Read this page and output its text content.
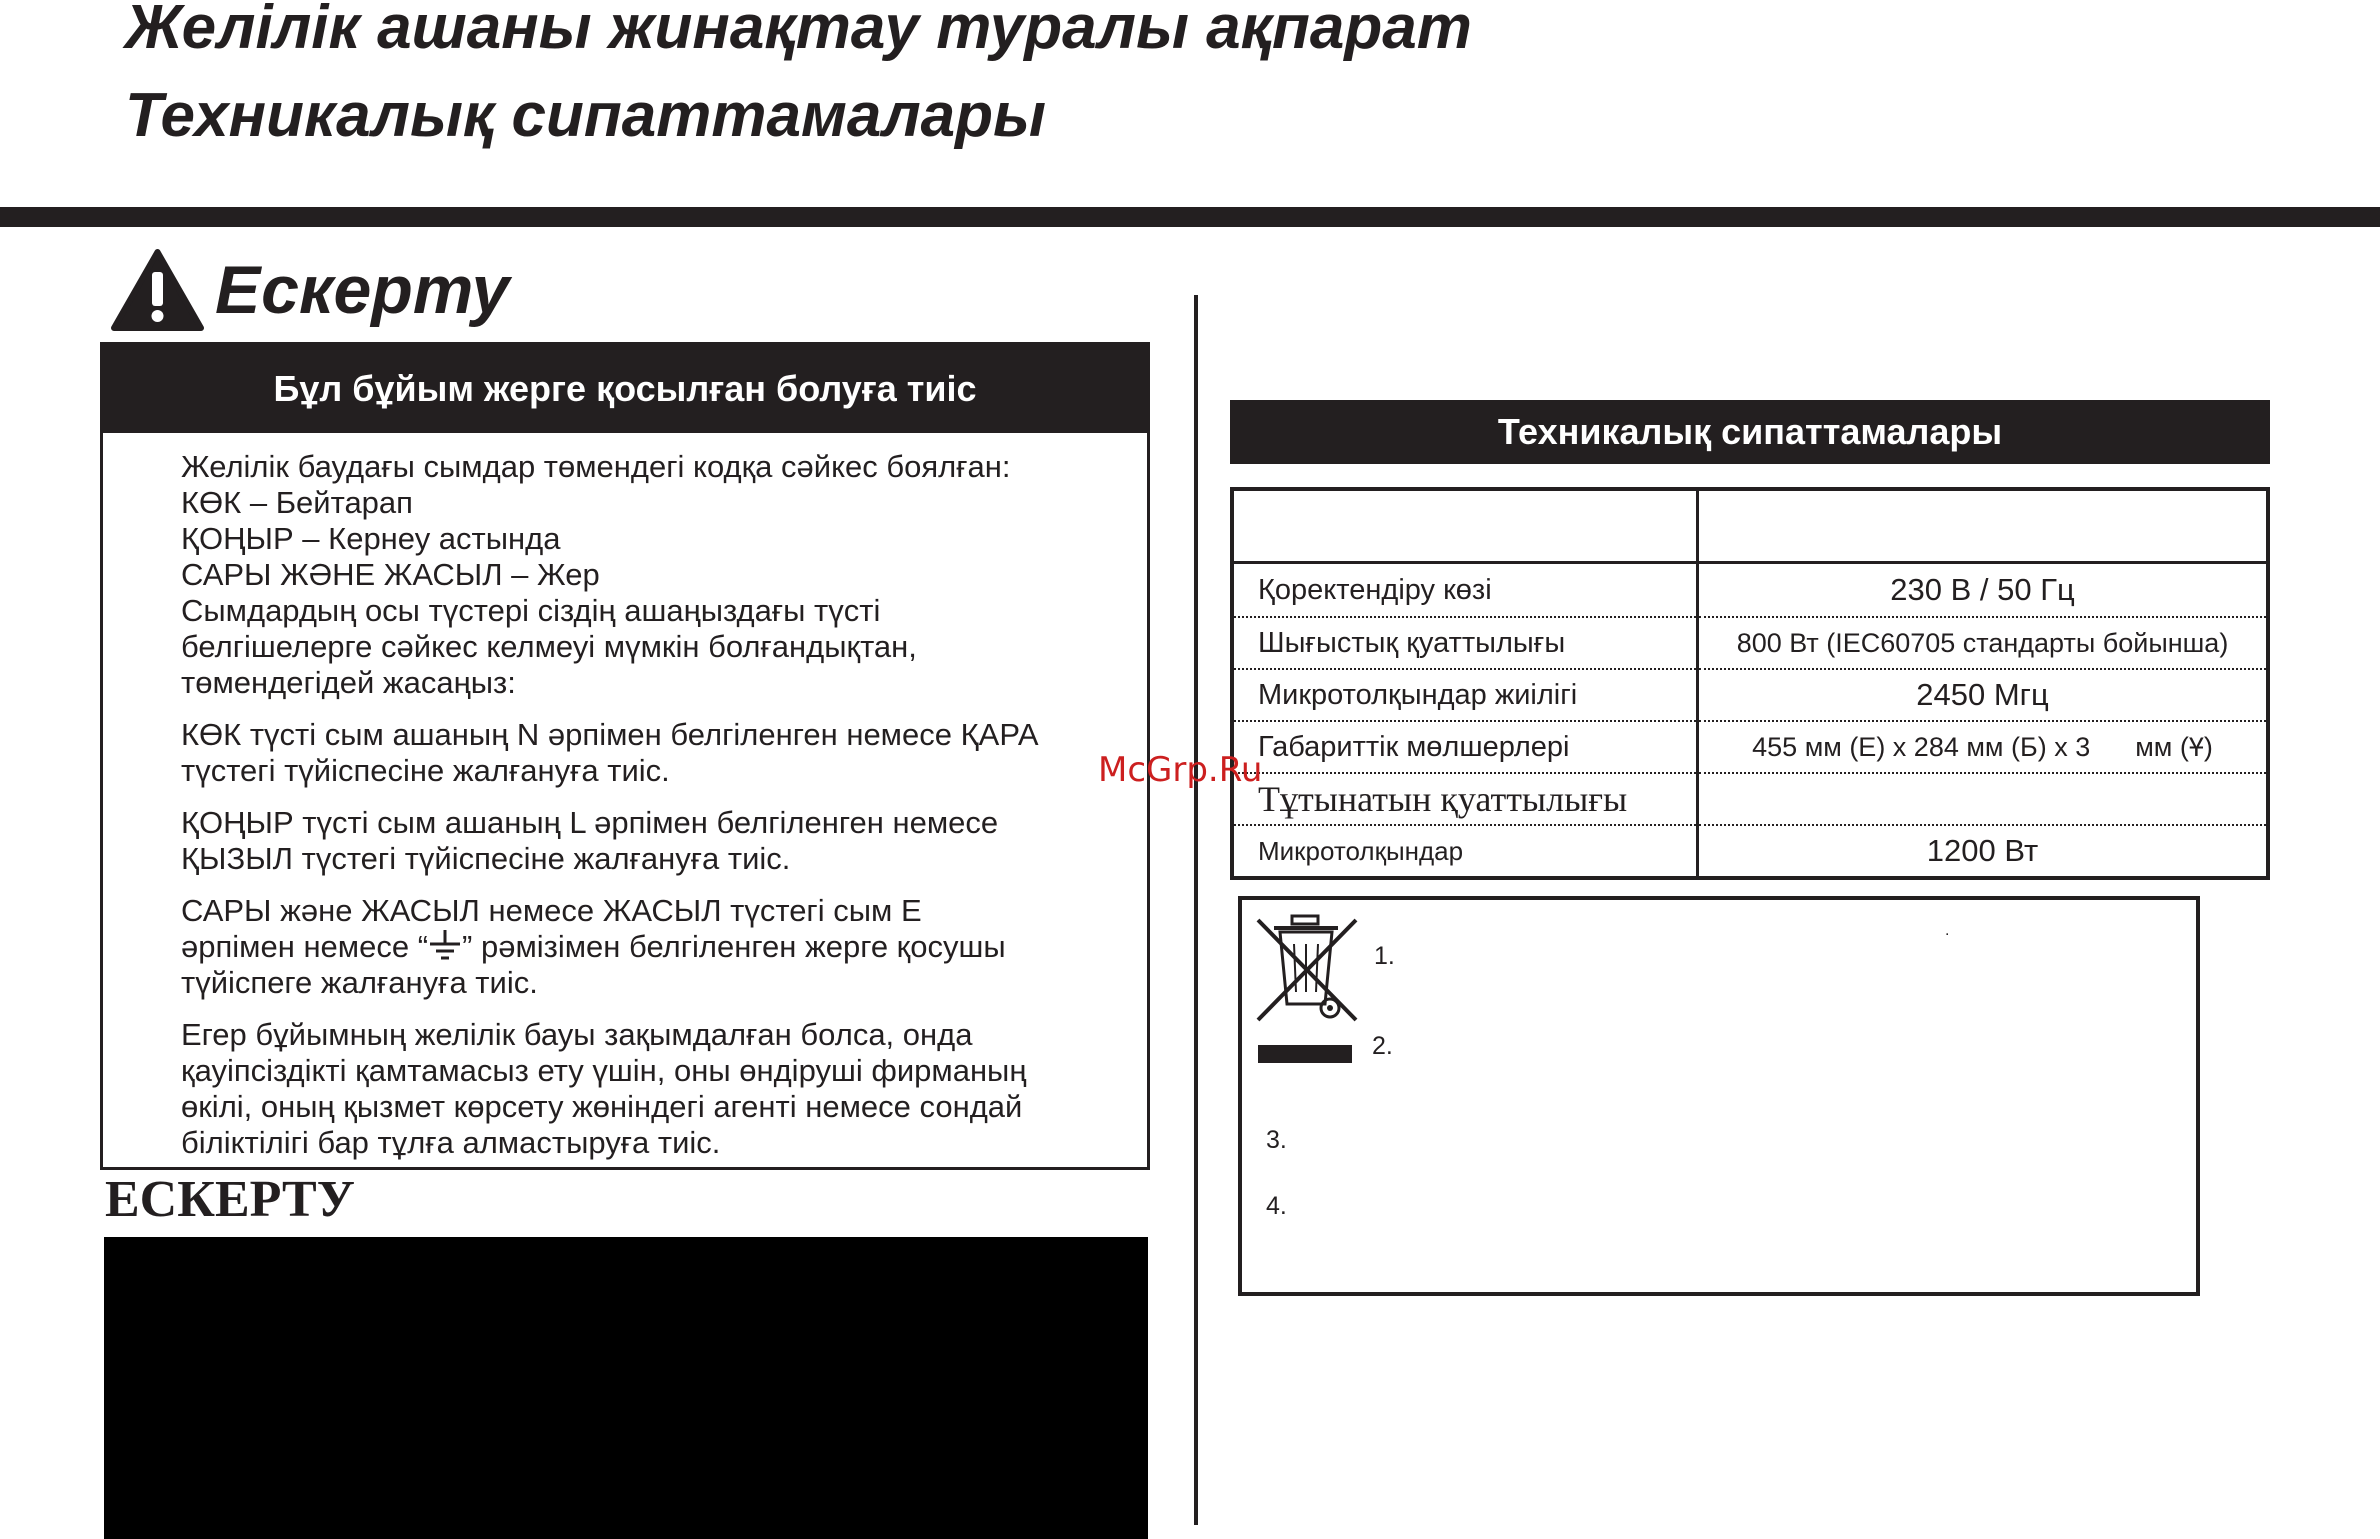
Желілік ашаны жинақтау туралы ақпарат
Техникалық сипаттамалары
Ескерту
Бұл бұйым жерге қосылған болуға тиіс
Желілік баудағы сымдар төмендегі кодқа сәйкес боялған:
КӨК – Бейтарап
ҚОҢЫР – Кернеу астында
САРЫ ЖӘНЕ ЖАСЫЛ – Жер
Сымдардың осы түстері сіздің ашаңыздағы түсті
белгішелерге сәйкес келмеуі мүмкін болғандықтан,
төмендегідей жасаңыз:
КӨК түсті сым ашаның N әрпімен белгіленген немесе ҚАРА
түстегі түйіспесіне жалғануға тиіс.
ҚОҢЫР түсті сым ашаның L әрпімен белгіленген немесе
ҚЫЗЫЛ түстегі түйіспесіне жалғануға тиіс.
САРЫ және ЖАСЫЛ немесе ЖАСЫЛ түстегі сым E
әрпімен немесе “ ” рәмізімен белгіленген жерге қосушы
түйіспеге жалғануға тиіс.
Егер бұйымның желілік бауы зақымдалған болса, онда
қауіпсіздікті қамтамасыз ету үшін, оны өндіруші фирманың
өкілі, оның қызмет көрсету жөніндегі агенті немесе сондай
біліктілігі бар тұлға алмастыруға тиіс.
ЕСКЕРТУ
Техникалық сипаттамалары

Қоректендіру көзі	230 В / 50 Гц
Шығыстық қуаттылығы	800 Вт (IEC60705 стандарты бойынша)
Микротолқындар жиілігі	2450 Мгц
Габариттік мөлшерлері	455 мм (Е) x 284 мм (Б) x 3      мм (Ұ)
Тұтынатын қуаттылығы	
Микротолқындар	1200 Вт
McGrp.Ru
1.
2.
3.
4.
.
